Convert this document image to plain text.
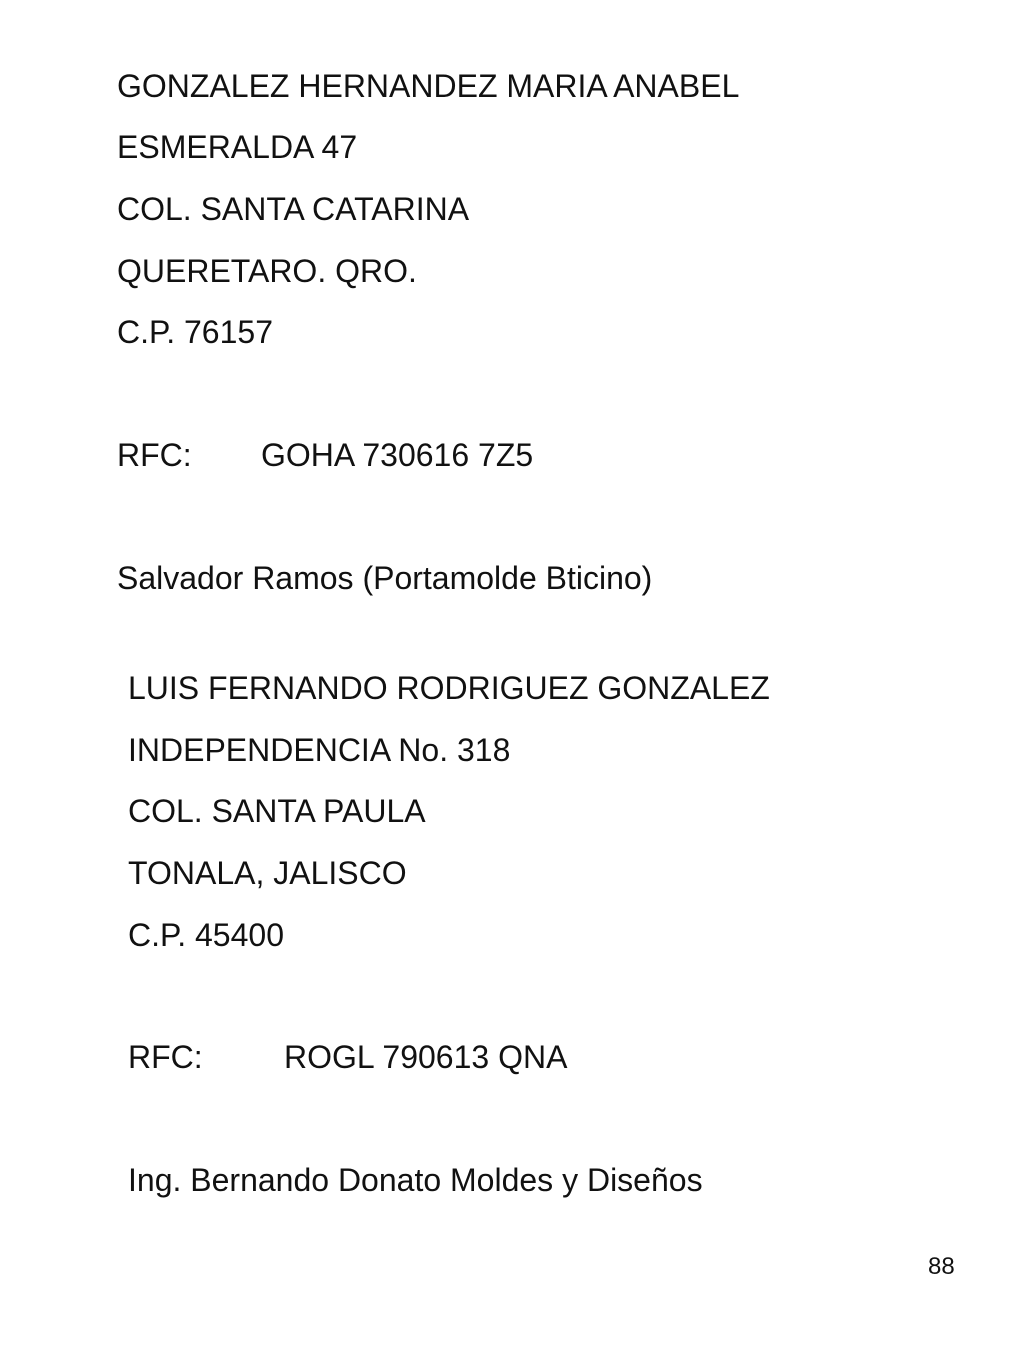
GONZALEZ HERNANDEZ MARIA ANABEL
ESMERALDA 47
COL. SANTA CATARINA
QUERETARO. QRO.
C.P. 76157
RFC: GOHA 730616 7Z5
Salvador Ramos (Portamolde Bticino)
LUIS FERNANDO RODRIGUEZ GONZALEZ
INDEPENDENCIA No. 318
COL. SANTA PAULA
TONALA, JALISCO
C.P. 45400
RFC:	ROGL 790613 QNA
Ing. Bernando Donato Moldes y Diseños
88
